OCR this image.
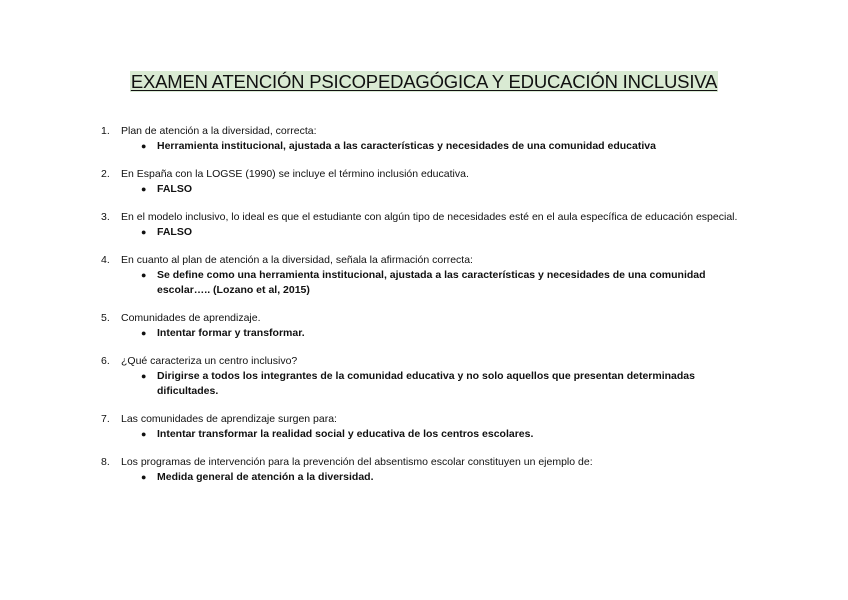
EXAMEN ATENCIÓN PSICOPEDAGÓGICA Y EDUCACIÓN INCLUSIVA
1. Plan de atención a la diversidad, correcta:
● Herramienta institucional, ajustada a las características y necesidades de una comunidad educativa
2. En España con la LOGSE (1990) se incluye el término inclusión educativa.
● FALSO
3. En el modelo inclusivo, lo ideal es que el estudiante con algún tipo de necesidades esté en el aula específica de educación especial.
● FALSO
4. En cuanto al plan de atención a la diversidad, señala la afirmación correcta:
● Se define como una herramienta institucional, ajustada a las características y necesidades de una comunidad escolar….. (Lozano et al, 2015)
5. Comunidades de aprendizaje.
● Intentar formar y transformar.
6. ¿Qué caracteriza un centro inclusivo?
● Dirigirse a todos los integrantes de la comunidad educativa y no solo aquellos que presentan determinadas dificultades.
7. Las comunidades de aprendizaje surgen para:
● Intentar transformar la realidad social y educativa de los centros escolares.
8. Los programas de intervención para la prevención del absentismo escolar constituyen un ejemplo de:
● Medida general de atención a la diversidad.
